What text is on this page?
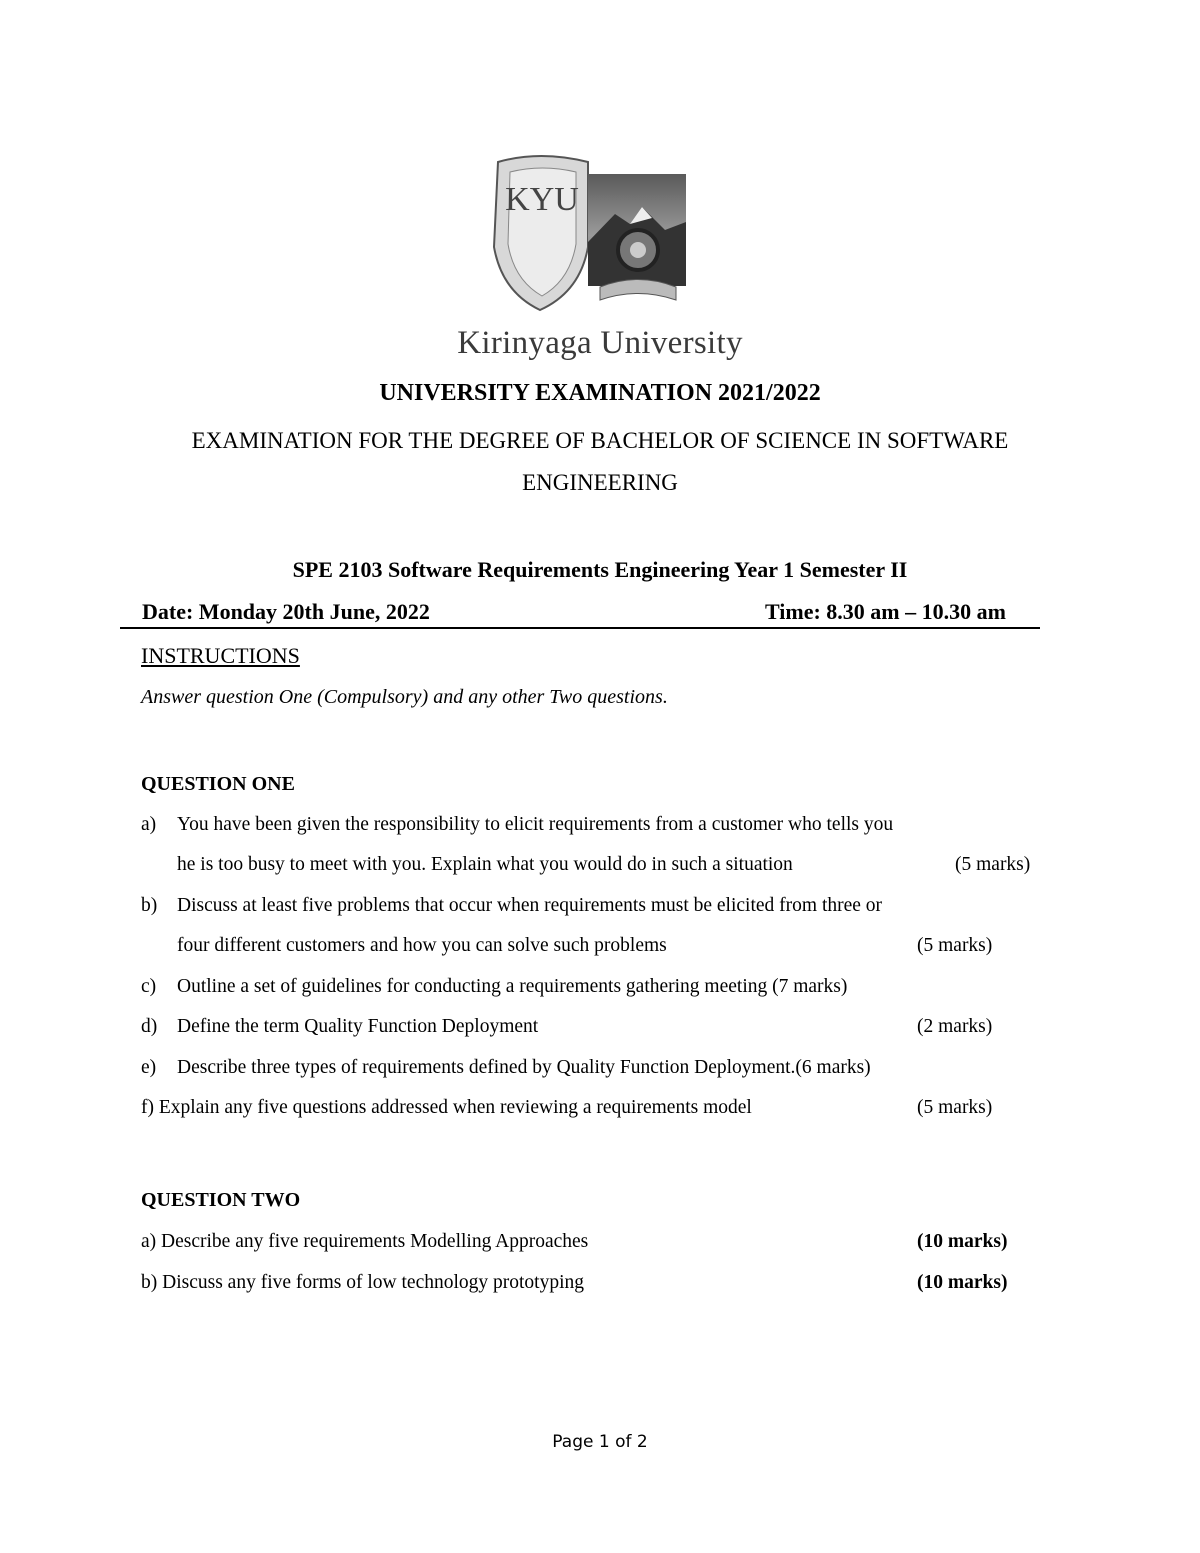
KYU
Kirinyaga University
UNIVERSITY EXAMINATION 2021/2022
EXAMINATION FOR THE DEGREE OF BACHELOR OF SCIENCE IN SOFTWARE
ENGINEERING
SPE 2103 Software Requirements Engineering Year 1 Semester II
Date: Monday 20th June, 2022	Time: 8.30 am – 10.30 am
INSTRUCTIONS
Answer question One (Compulsory) and any other Two questions.
QUESTION ONE
a) You have been given the responsibility to elicit requirements from a customer who tells you
he is too busy to meet with you. Explain what you would do in such a situation	(5 marks)
b) Discuss at least five problems that occur when requirements must be elicited from three or
four different customers and how you can solve such problems	(5 marks)
c) Outline a set of guidelines for conducting a requirements gathering meeting (7 marks)
d) Define the term Quality Function Deployment	(2 marks)
e) Describe three types of requirements defined by Quality Function Deployment.(6 marks)
f) Explain any five questions addressed when reviewing a requirements model	(5 marks)
QUESTION TWO
a) Describe any five requirements Modelling Approaches	(10 marks)
b) Discuss any five forms of low technology prototyping	(10 marks)
Page 1 of 2
